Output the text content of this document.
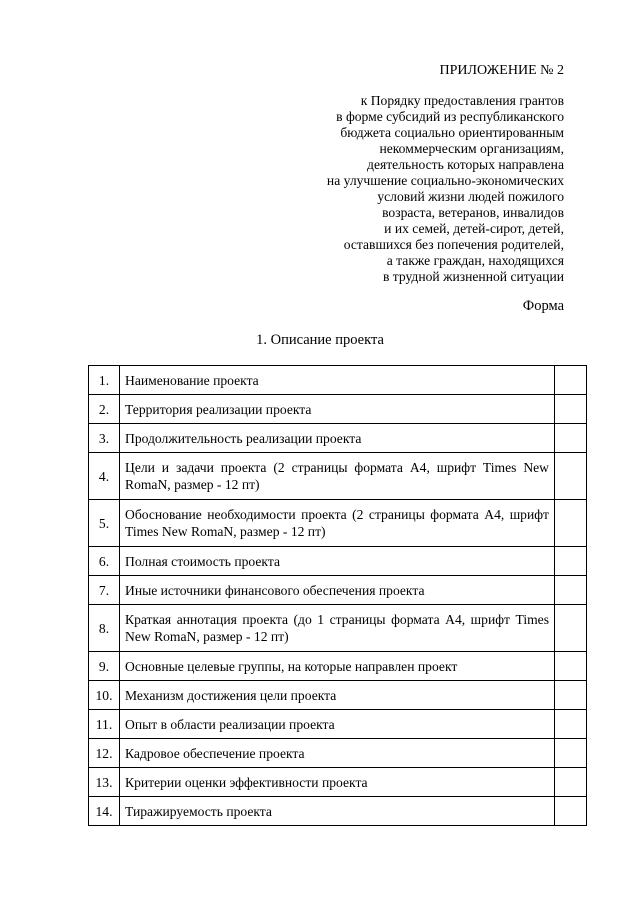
ПРИЛОЖЕНИЕ № 2
к Порядку предоставления грантов
в форме субсидий из республиканского
бюджета социально ориентированным
некоммерческим организациям,
деятельность которых направлена
на улучшение социально-экономических
условий жизни людей пожилого
возраста, ветеранов, инвалидов
и их семей, детей-сирот, детей,
оставшихся без попечения родителей,
а также граждан, находящихся
в трудной жизненной ситуации
Форма
1. Описание проекта
1.	Наименование проекта	
2.	Территория реализации проекта	
3.	Продолжительность реализации проекта	
4.	Цели и задачи проекта (2 страницы формата А4, шрифт Times New RomaN, размер - 12 пт)	
5.	Обоснование необходимости проекта (2 страницы формата А4, шрифт Times New RomaN, размер - 12 пт)	
6.	Полная стоимость проекта	
7.	Иные источники финансового обеспечения проекта	
8.	Краткая аннотация проекта (до 1 страницы формата А4, шрифт Times New RomaN, размер - 12 пт)	
9.	Основные целевые группы, на которые направлен проект	
10.	Механизм достижения цели проекта	
11.	Опыт в области реализации проекта	
12.	Кадровое обеспечение проекта	
13.	Критерии оценки эффективности проекта	
14.	Тиражируемость проекта	
